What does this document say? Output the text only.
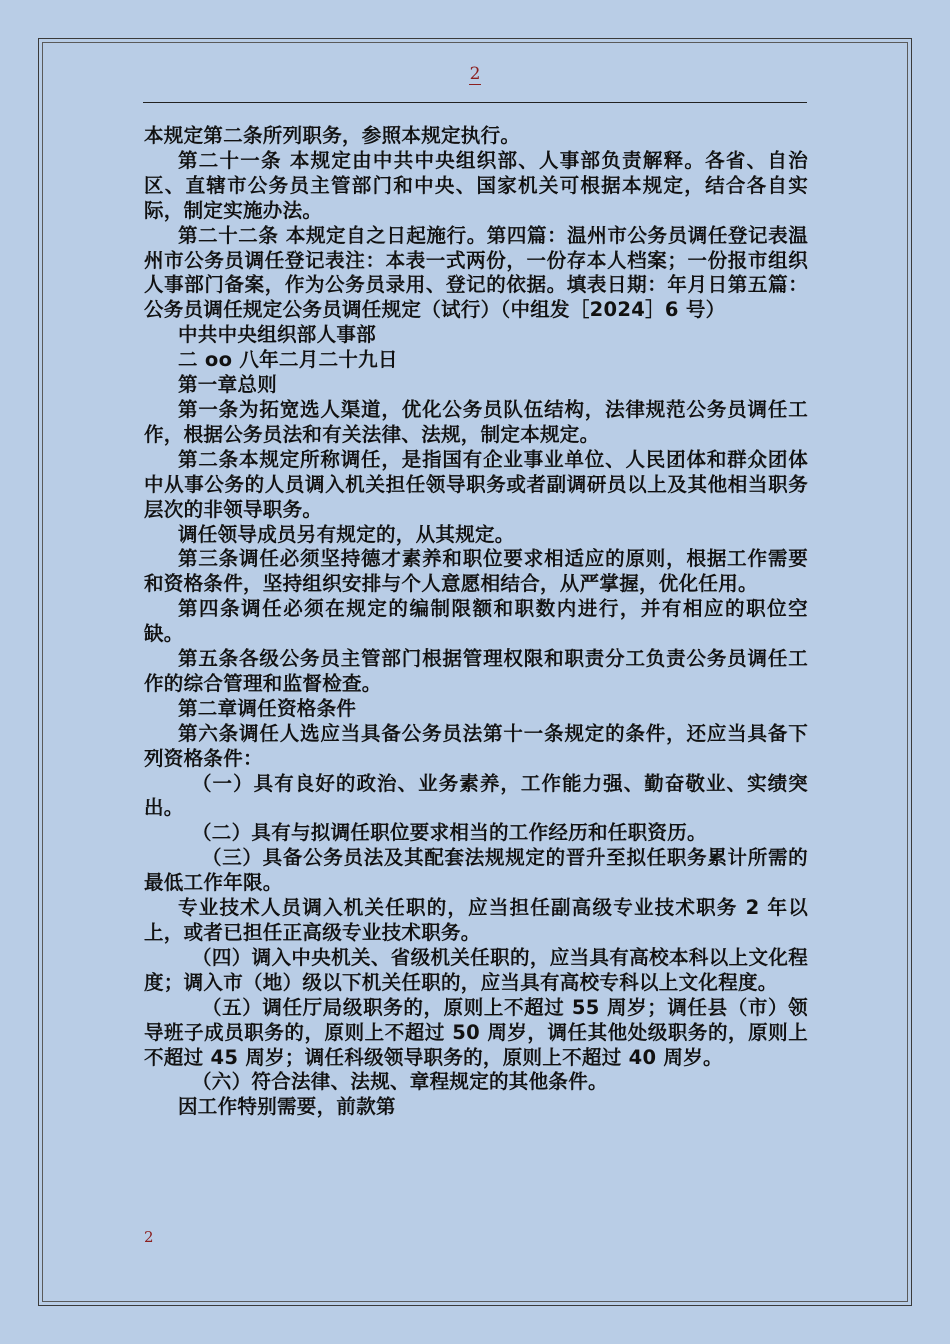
2

本规定第二条所列职务，参照本规定执行。

第二十一条 本规定由中共中央组织部、人事部负责解释。各省、自治区、直辖市公务员主管部门和中央、国家机关可根据本规定，结合各自实际，制定实施办法。

第二十二条 本规定自之日起施行。第四篇：温州市公务员调任登记表温州市公务员调任登记表注：本表一式两份，一份存本人档案；一份报市组织人事部门备案，作为公务员录用、登记的依据。填表日期：年月日第五篇：公务员调任规定公务员调任规定（试行）（中组发［2024］6 号）

中共中央组织部人事部

二 oo 八年二月二十九日

第一章总则

第一条为拓宽选人渠道，优化公务员队伍结构，法律规范公务员调任工作，根据公务员法和有关法律、法规，制定本规定。

第二条本规定所称调任，是指国有企业事业单位、人民团体和群众团体中从事公务的人员调入机关担任领导职务或者副调研员以上及其他相当职务层次的非领导职务。

调任领导成员另有规定的，从其规定。

第三条调任必须坚持德才素养和职位要求相适应的原则，根据工作需要和资格条件，坚持组织安排与个人意愿相结合，从严掌握，优化任用。

第四条调任必须在规定的编制限额和职数内进行，并有相应的职位空缺。

第五条各级公务员主管部门根据管理权限和职责分工负责公务员调任工作的综合管理和监督检查。

第二章调任资格条件

第六条调任人选应当具备公务员法第十一条规定的条件，还应当具备下列资格条件：

（一）具有良好的政治、业务素养，工作能力强、勤奋敬业、实绩突出。

（二）具有与拟调任职位要求相当的工作经历和任职资历。

（三）具备公务员法及其配套法规规定的晋升至拟任职务累计所需的最低工作年限。

专业技术人员调入机关任职的，应当担任副高级专业技术职务 2 年以上，或者已担任正高级专业技术职务。

（四）调入中央机关、省级机关任职的，应当具有高校本科以上文化程度；调入市（地）级以下机关任职的，应当具有高校专科以上文化程度。

（五）调任厅局级职务的，原则上不超过 55 周岁；调任县（市）领导班子成员职务的，原则上不超过 50 周岁，调任其他处级职务的，原则上不超过 45 周岁；调任科级领导职务的，原则上不超过 40 周岁。

（六）符合法律、法规、章程规定的其他条件。

因工作特别需要，前款第

2
